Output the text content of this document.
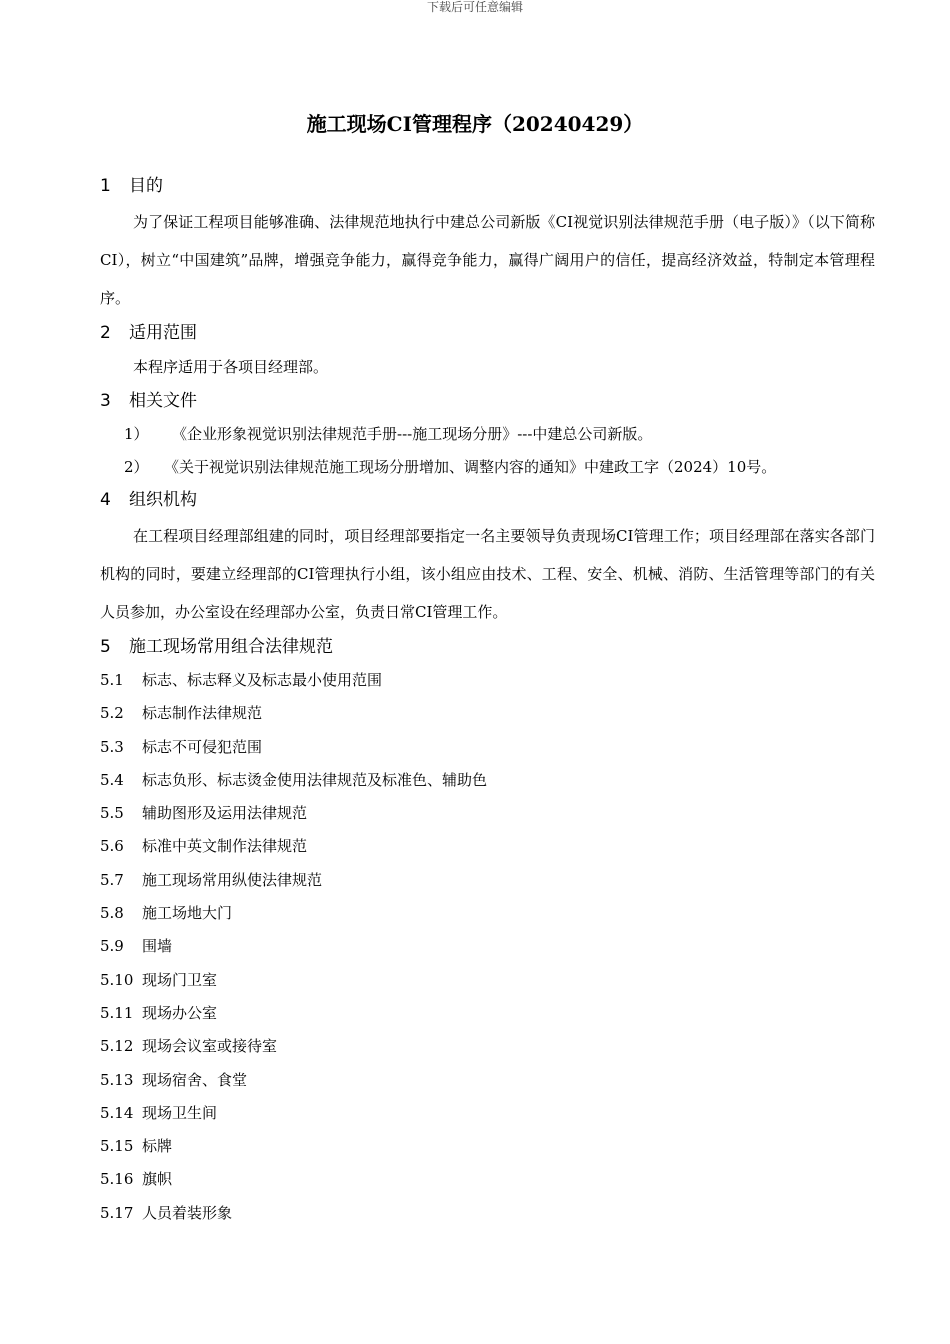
下载后可任意编辑
施工现场CI管理程序（20240429）
1 目的

为了保证工程项目能够准确、法律规范地执行中建总公司新版《CI视觉识别法律规范手册（电子版）》（以下简称CI），树立“中国建筑”品牌，增强竞争能力，赢得竞争能力，赢得广阔用户的信任，提高经济效益，特制定本管理程序。

2 适用范围

本程序适用于各项目经理部。

3 相关文件
1） 《企业形象视觉识别法律规范手册---施工现场分册》---中建总公司新版。
2） 《关于视觉识别法律规范施工现场分册增加、调整内容的通知》中建政工字（2024）10号。
4 组织机构

在工程项目经理部组建的同时，项目经理部要指定一名主要领导负责现场CI管理工作；项目经理部在落实各部门机构的同时，要建立经理部的CI管理执行小组，该小组应由技术、工程、安全、机械、消防、生活管理等部门的有关人员参加，办公室设在经理部办公室，负责日常CI管理工作。

5 施工现场常用组合法律规范
5.1 标志、标志释义及标志最小使用范围
5.2 标志制作法律规范
5.3 标志不可侵犯范围
5.4 标志负形、标志烫金使用法律规范及标准色、辅助色
5.5 辅助图形及运用法律规范
5.6 标准中英文制作法律规范
5.7 施工现场常用纵使法律规范
5.8 施工场地大门
5.9 围墙
5.10 现场门卫室
5.11 现场办公室
5.12 现场会议室或接待室
5.13 现场宿舍、食堂
5.14 现场卫生间
5.15 标牌
5.16 旗帜
5.17 人员着装形象
